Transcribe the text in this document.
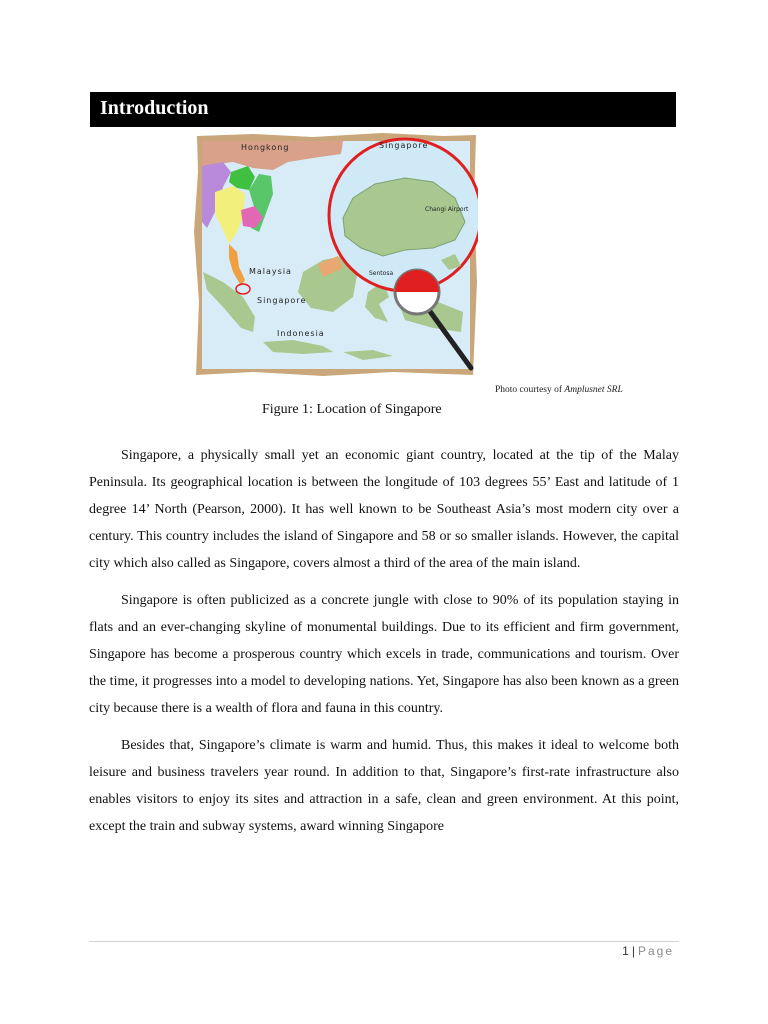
Introduction
Hongkong
Malaysia
Singapore
Indonesia
Singapore
Changi Airport
Sentosa
Photo courtesy of Amplusnet SRL
Figure 1: Location of Singapore

Singapore, a physically small yet an economic giant country, located at the tip of the Malay Peninsula. Its geographical location is between the longitude of 103 degrees 55’ East and latitude of 1 degree 14’ North (Pearson, 2000). It has well known to be Southeast Asia’s most modern city over a century. This country includes the island of Singapore and 58 or so smaller islands. However, the capital city which also called as Singapore, covers almost a third of the area of the main island.

Singapore is often publicized as a concrete jungle with close to 90% of its population staying in flats and an ever-changing skyline of monumental buildings. Due to its efficient and firm government, Singapore has become a prosperous country which excels in trade, communications and tourism. Over the time, it progresses into a model to developing nations. Yet, Singapore has also been known as a green city because there is a wealth of flora and fauna in this country.

Besides that, Singapore’s climate is warm and humid. Thus, this makes it ideal to welcome both leisure and business travelers year round. In addition to that, Singapore’s first-rate infrastructure also enables visitors to enjoy its sites and attraction in a safe, clean and green environment. At this point, except the train and subway systems, award winning Singapore

1 | Page
